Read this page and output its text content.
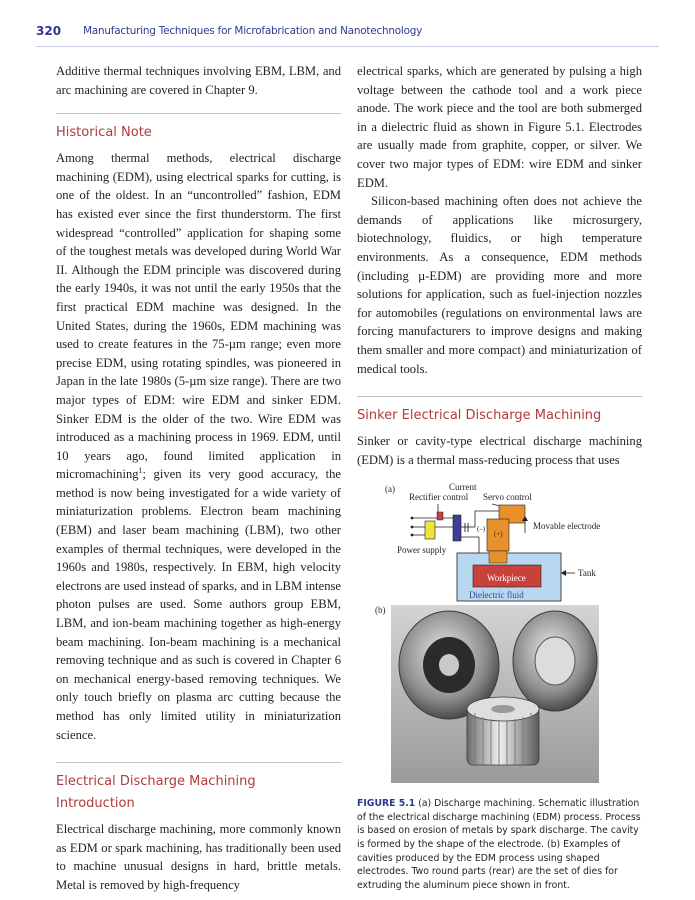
320 Manufacturing Techniques for Microfabrication and Nanotechnology

Additive thermal techniques involving EBM, LBM, and arc machining are covered in Chapter 9.

Historical Note

Among thermal methods, electrical discharge machining (EDM), using electrical sparks for cutting, is one of the oldest. In an “uncontrolled” fashion, EDM has existed ever since the first thunderstorm. The first widespread “controlled” application for shaping some of the toughest metals was developed during World War II. Although the EDM principle was discovered during the early 1940s, it was not until the early 1950s that the first practical EDM machine was designed. In the United States, during the 1960s, EDM machining was used to create features in the 75-µm range; even more precise EDM, using rotating spindles, was pioneered in Japan in the late 1980s (5-µm size range). There are two major types of EDM: wire EDM and sinker EDM. Sinker EDM is the older of the two. Wire EDM was introduced as a machining process in 1969. EDM, until 10 years ago, found limited application in micromachining$^1$; given its very good accuracy, the method is now being investigated for a wide variety of miniaturization problems. Electron beam machining (EBM) and laser beam machining (LBM), two other examples of thermal techniques, were developed in the 1960s and 1980s, respectively. In EBM, high velocity electrons are used instead of sparks, and in LBM intense photon pulses are used. Some authors group EBM, LBM, and ion-beam machining together as high-energy beam machining. Ion-beam machining is a mechanical removing technique and as such is covered in Chapter 6 on mechanical energy-based removing techniques. We only touch briefly on plasma arc cutting because the method has only limited utility in miniaturization science.

Electrical Discharge Machining
Introduction

Electrical discharge machining, more commonly known as EDM or spark machining, has traditionally been used to machine unusual designs in hard, brittle metals. Metal is removed by high-frequency

electrical sparks, which are generated by pulsing a high voltage between the cathode tool and a work piece anode. The work piece and the tool are both submerged in a dielectric fluid as shown in Figure 5.1. Electrodes are usually made from graphite, copper, or silver. We cover two major types of EDM: wire EDM and sinker EDM.

Silicon-based machining often does not achieve the demands of applications like microsurgery, biotechnology, fluidics, or high temperature environments. As a consequence, EDM methods (including µ-EDM) are providing more and more solutions for application, such as fuel-injection nozzles for automobiles (regulations on environmental laws are forcing manufacturers to improve designs and making them smaller and more compact) and miniaturization of medical tools.

Sinker Electrical Discharge Machining

Sinker or cavity-type electrical discharge machining (EDM) is a thermal mass-reducing process that uses

(a)	Current
Rectifier control Servo control
Power supply
(+)
(–)	Movable electrode
Workpiece
Dielectric fluid
Tank
(b)
FIGURE 5.1 (a) Discharge machining. Schematic illustration of the electrical discharge machining (EDM) process. Process is based on erosion of metals by spark discharge. The cavity is formed by the shape of the electrode. (b) Examples of cavities produced by the EDM process using shaped electrodes. Two round parts (rear) are the set of dies for extruding the aluminum piece shown in front.
